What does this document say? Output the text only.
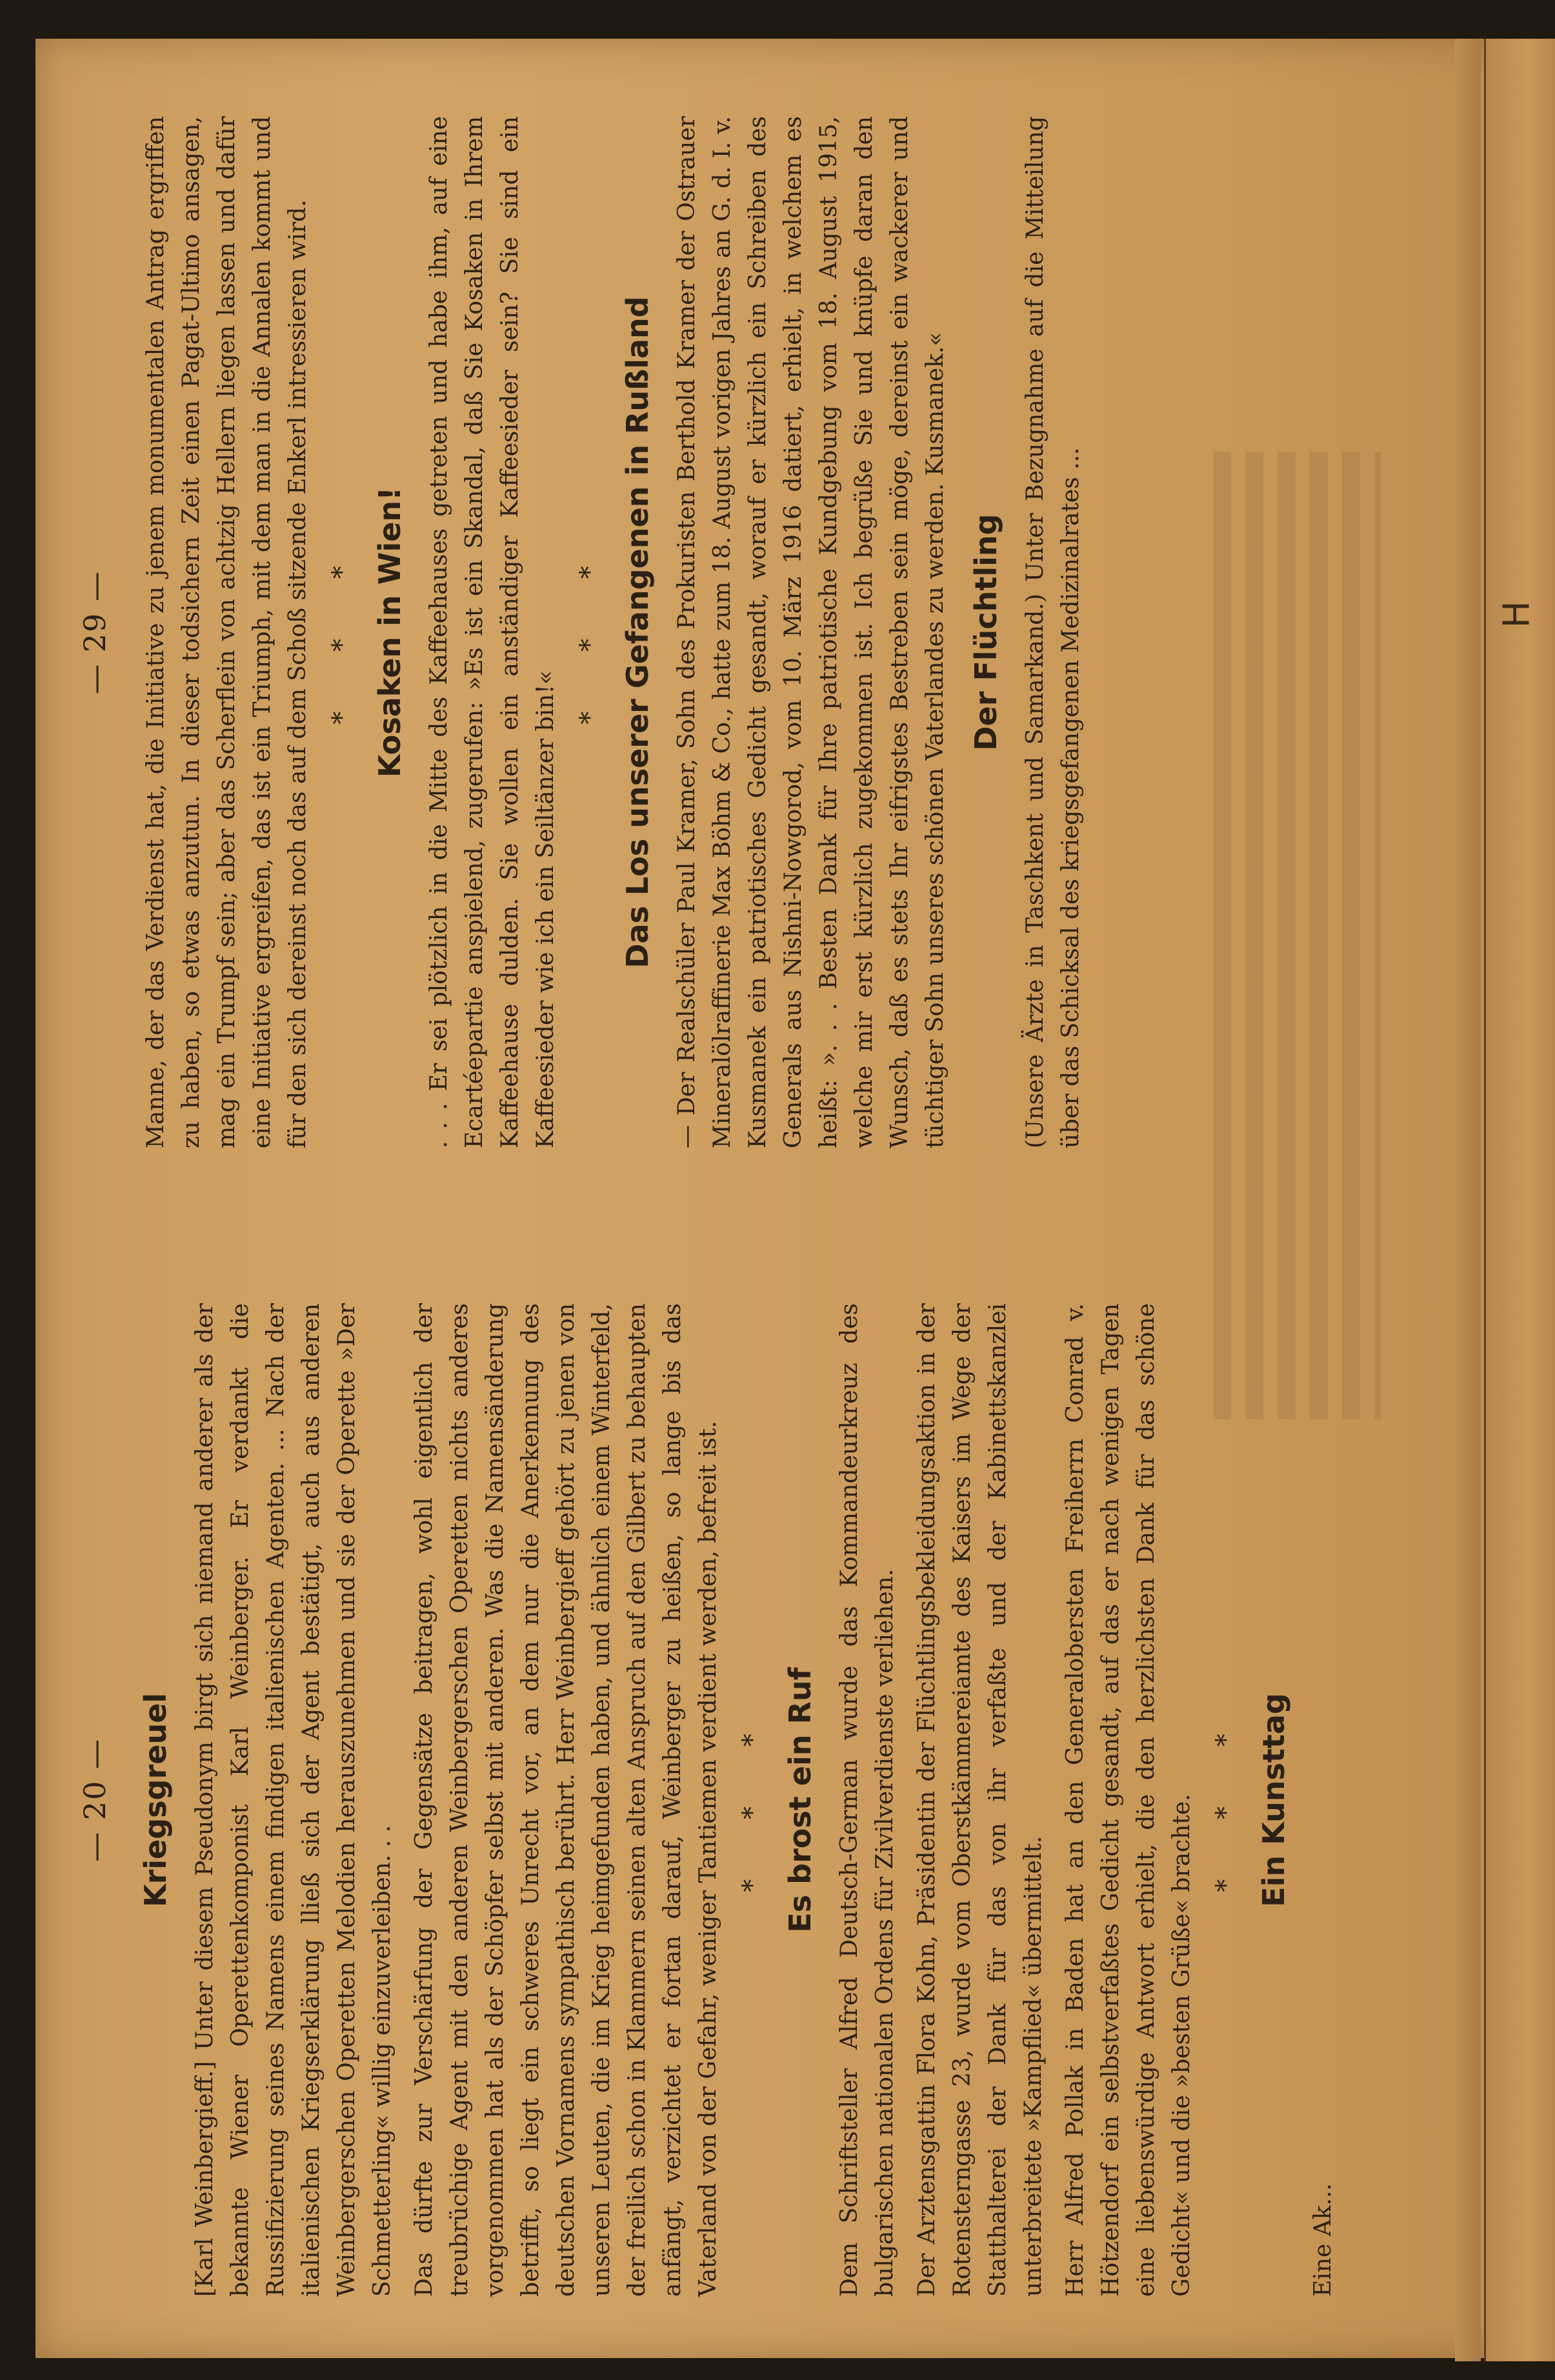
H
— 20 — Kriegsgreuel [Karl Weinbergieff.] Unter diesem Pseudonym birgt sich niemand anderer als der bekannte Wiener Operettenkomponist Karl Weinberger. Er verdankt die Russifizierung seines Namens einem findigen italienischen Agenten. ... Nach der italienischen Kriegserklärung lließ sich der Agent bestätigt, auch aus anderen Weinbergerschen Operetten Melodien herauszunehmen und sie der Operette »Der Schmetterling« willig einzuverleiben. . . Das dürfte zur Verschärfung der Gegensätze beitragen, wohl eigentlich der treubrüchige Agent mit den anderen Weinbergerschen Operetten nichts anderes vorgenommen hat als der Schöpfer selbst mit anderen. Was die Namensänderung betrifft, so liegt ein schweres Unrecht vor, an dem nur die Anerkennung des deutschen Vornamens sympathisch berührt. Herr Weinbergieff gehört zu jenen von unseren Leuten, die im Krieg heimgefunden haben, und ähnlich einem Winterfeld, der freilich schon in Klammern seinen alten Anspruch auf den Gilbert zu behaupten anfängt, verzichtet er fortan darauf, Weinberger zu heißen, so lange bis das Vaterland von der Gefahr, weniger Tantiemen verdient werden, befreit ist. * * * Es brost ein Ruf Dem Schriftsteller Alfred Deutsch-German wurde das Kommandeurkreuz des bulgarischen nationalen Ordens für Zivilverdienste verliehen. Der Arztensgattin Flora Kohn, Präsidentin der Flüchtlingsbekleidungsaktion in der Rotensterngasse 23, wurde vom Oberstkämmereiamte des Kaisers im Wege der Statthalterei der Dank für das von ihr verfaßte und der Kabinettskanzlei unterbreitete »Kampflied« übermittelt. Herr Alfred Pollak in Baden hat an den Generalobersten Freiherrn Conrad v. Hötzendorf ein selbstverfaßtes Gedicht gesandt, auf das er nach wenigen Tagen eine liebenswürdige Antwort erhielt, die den herzlichsten Dank für das schöne Gedicht« und die »besten Grüße« brachte. * * * Ein Kunsttag

Eine Ak...

— 29 — Manne, der das Verdienst hat, die Initiative zu jenem monumentalen Antrag ergriffen zu haben, so etwas anzutun. In dieser todsichern Zeit einen Pagat-Ultimo ansagen, mag ein Trumpf sein; aber das Scherflein von achtzig Hellern liegen lassen und dafür eine Initiative ergreifen, das ist ein Triumph, mit dem man in die Annalen kommt und für den sich dereinst noch das auf dem Schoß sitzende Enkerl intressieren wird. * * * Kosaken in Wien! . . . Er sei plötzlich in die Mitte des Kaffeehauses getreten und habe ihm, auf eine Ecartéepartie anspielend, zugerufen: »Es ist ein Skandal, daß Sie Kosaken in Ihrem Kaffeehause dulden. Sie wollen ein anständiger Kaffeesieder sein? Sie sind ein Kaffeesieder wie ich ein Seiltänzer bin!«

* * * Das Los unserer Gefangenen in Rußland — Der Realschüler Paul Kramer, Sohn des Prokuristen Berthold Kramer der Ostrauer Mineralölraffinerie Max Böhm & Co., hatte zum 18. August vorigen Jahres an G. d. I. v. Kusmanek ein patriotisches Gedicht gesandt, worauf er kürzlich ein Schreiben des Generals aus Nishni-Nowgorod, vom 10. März 1916 datiert, erhielt, in welchem es heißt: ». . . Besten Dank für Ihre patriotische Kundgebung vom 18. August 1915, welche mir erst kürzlich zugekommen ist. Ich begrüße Sie und knüpfe daran den Wunsch, daß es stets Ihr eifrigstes Bestreben sein möge, dereinst ein wackerer und tüchtiger Sohn unseres schönen Vaterlandes zu werden. Kusmanek.« Der Flüchtling (Unsere Ärzte in Taschkent und Samarkand.) Unter Bezugnahme auf die Mitteilung über das Schicksal des kriegsgefangenen Medizinalrates ...
